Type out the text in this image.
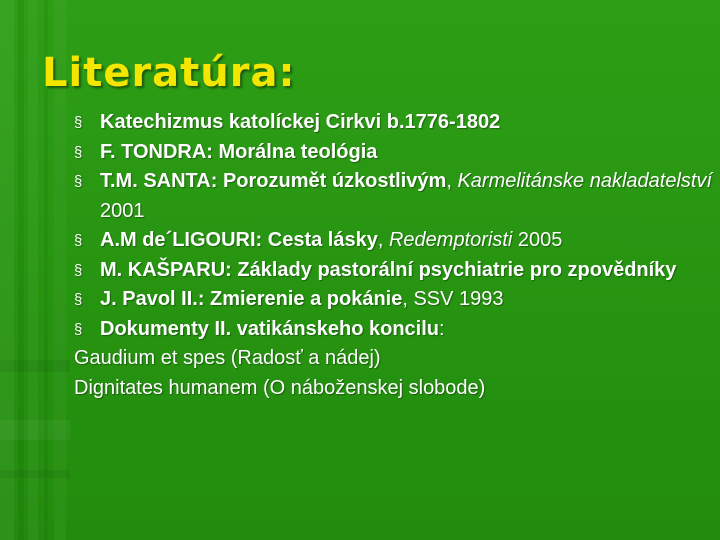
Literatúra:
§ Katechizmus katolíckej Cirkvi b.1776-1802
§ F. TONDRA: Morálna teológia
§ T.M. SANTA: Porozumět úzkostlivým, Karmelitánske nakladatelství 2001
§ A.M de´LIGOURI: Cesta lásky, Redemptoristi 2005
§ M. KAŠPARU: Základy pastorální psychiatrie pro zpovědníky
§ J. Pavol II.: Zmierenie a pokánie, SSV 1993
§ Dokumenty II. vatikánskeho koncilu:
Gaudium et spes (Radosť a nádej)
Dignitates humanem (O náboženskej slobode)
